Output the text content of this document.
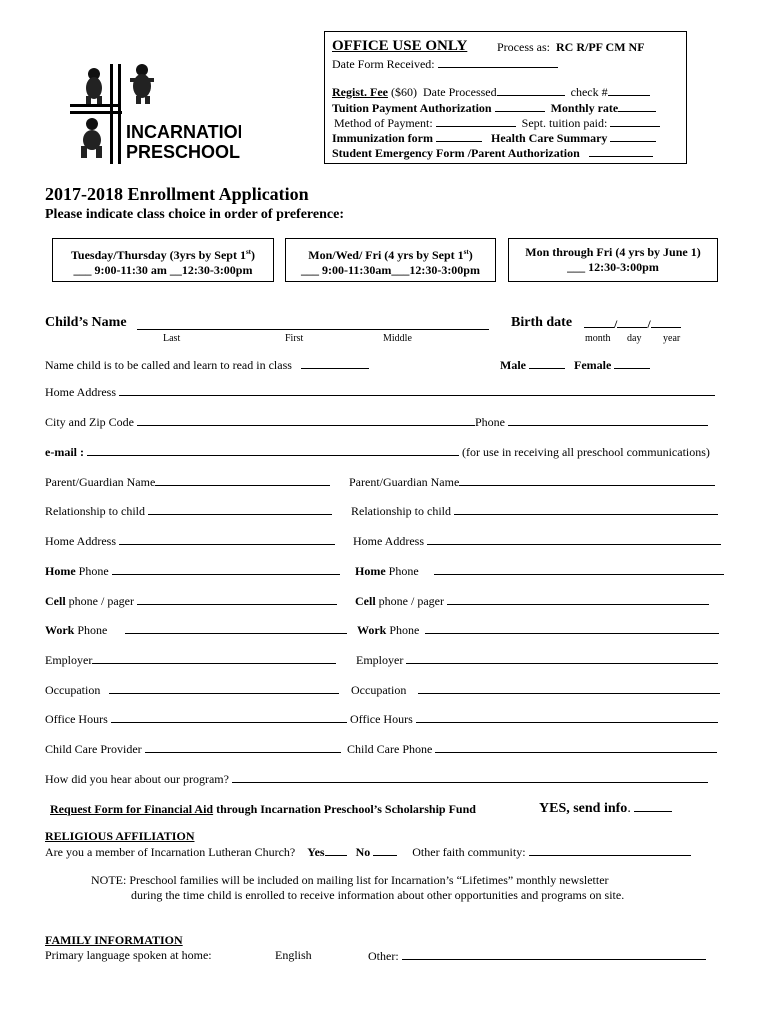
INCARNATION
PRESCHOOL
OFFICE USE ONLY Process as: RC R/PF CM NF
Date Form Received:
Regist. Fee ($60) Date Processed	check #
Tuition Payment Authorization	Monthly rate
Method of Payment:	Sept. tuition paid:
Immunization form	Health Care Summary
Student Emergency Form /Parent Authorization
2017-2018 Enrollment Application
Please indicate class choice in order of preference:
Tuesday/Thursday (3yrs by Sept 1st)
___ 9:00-11:30 am __12:30-3:00pm
Mon/Wed/ Fri (4 yrs by Sept 1st)
___ 9:00-11:30am___12:30-3:00pm
Mon through Fri (4 yrs by June 1)
___ 12:30-3:00pm
Child’s Name
Last	First	Middle
Birth date	/	/
month day year
Name child is to be called and learn to read in class	Male	Female
Home Address
City and Zip Code	Phone
e-mail :	(for use in receiving all preschool communications)
Parent/Guardian Name	Parent/Guardian Name
Relationship to child	Relationship to child
Home Address	Home Address
Home Phone	Home Phone
Cell phone / pager	Cell phone / pager
Work Phone	Work Phone
Employer	Employer
Occupation	Occupation
Office Hours	Office Hours
Child Care Provider	Child Care Phone
How did you hear about our program?
Request Form for Financial Aid through Incarnation Preschool’s Scholarship Fund	YES, send info.
RELIGIOUS AFFILIATION
Are you a member of Incarnation Lutheran Church? Yes	No	Other faith community:
NOTE: Preschool families will be included on mailing list for Incarnation’s “Lifetimes” monthly newsletter
during the time child is enrolled to receive information about other opportunities and programs on site.
FAMILY INFORMATION
Primary language spoken at home:	English	Other:
